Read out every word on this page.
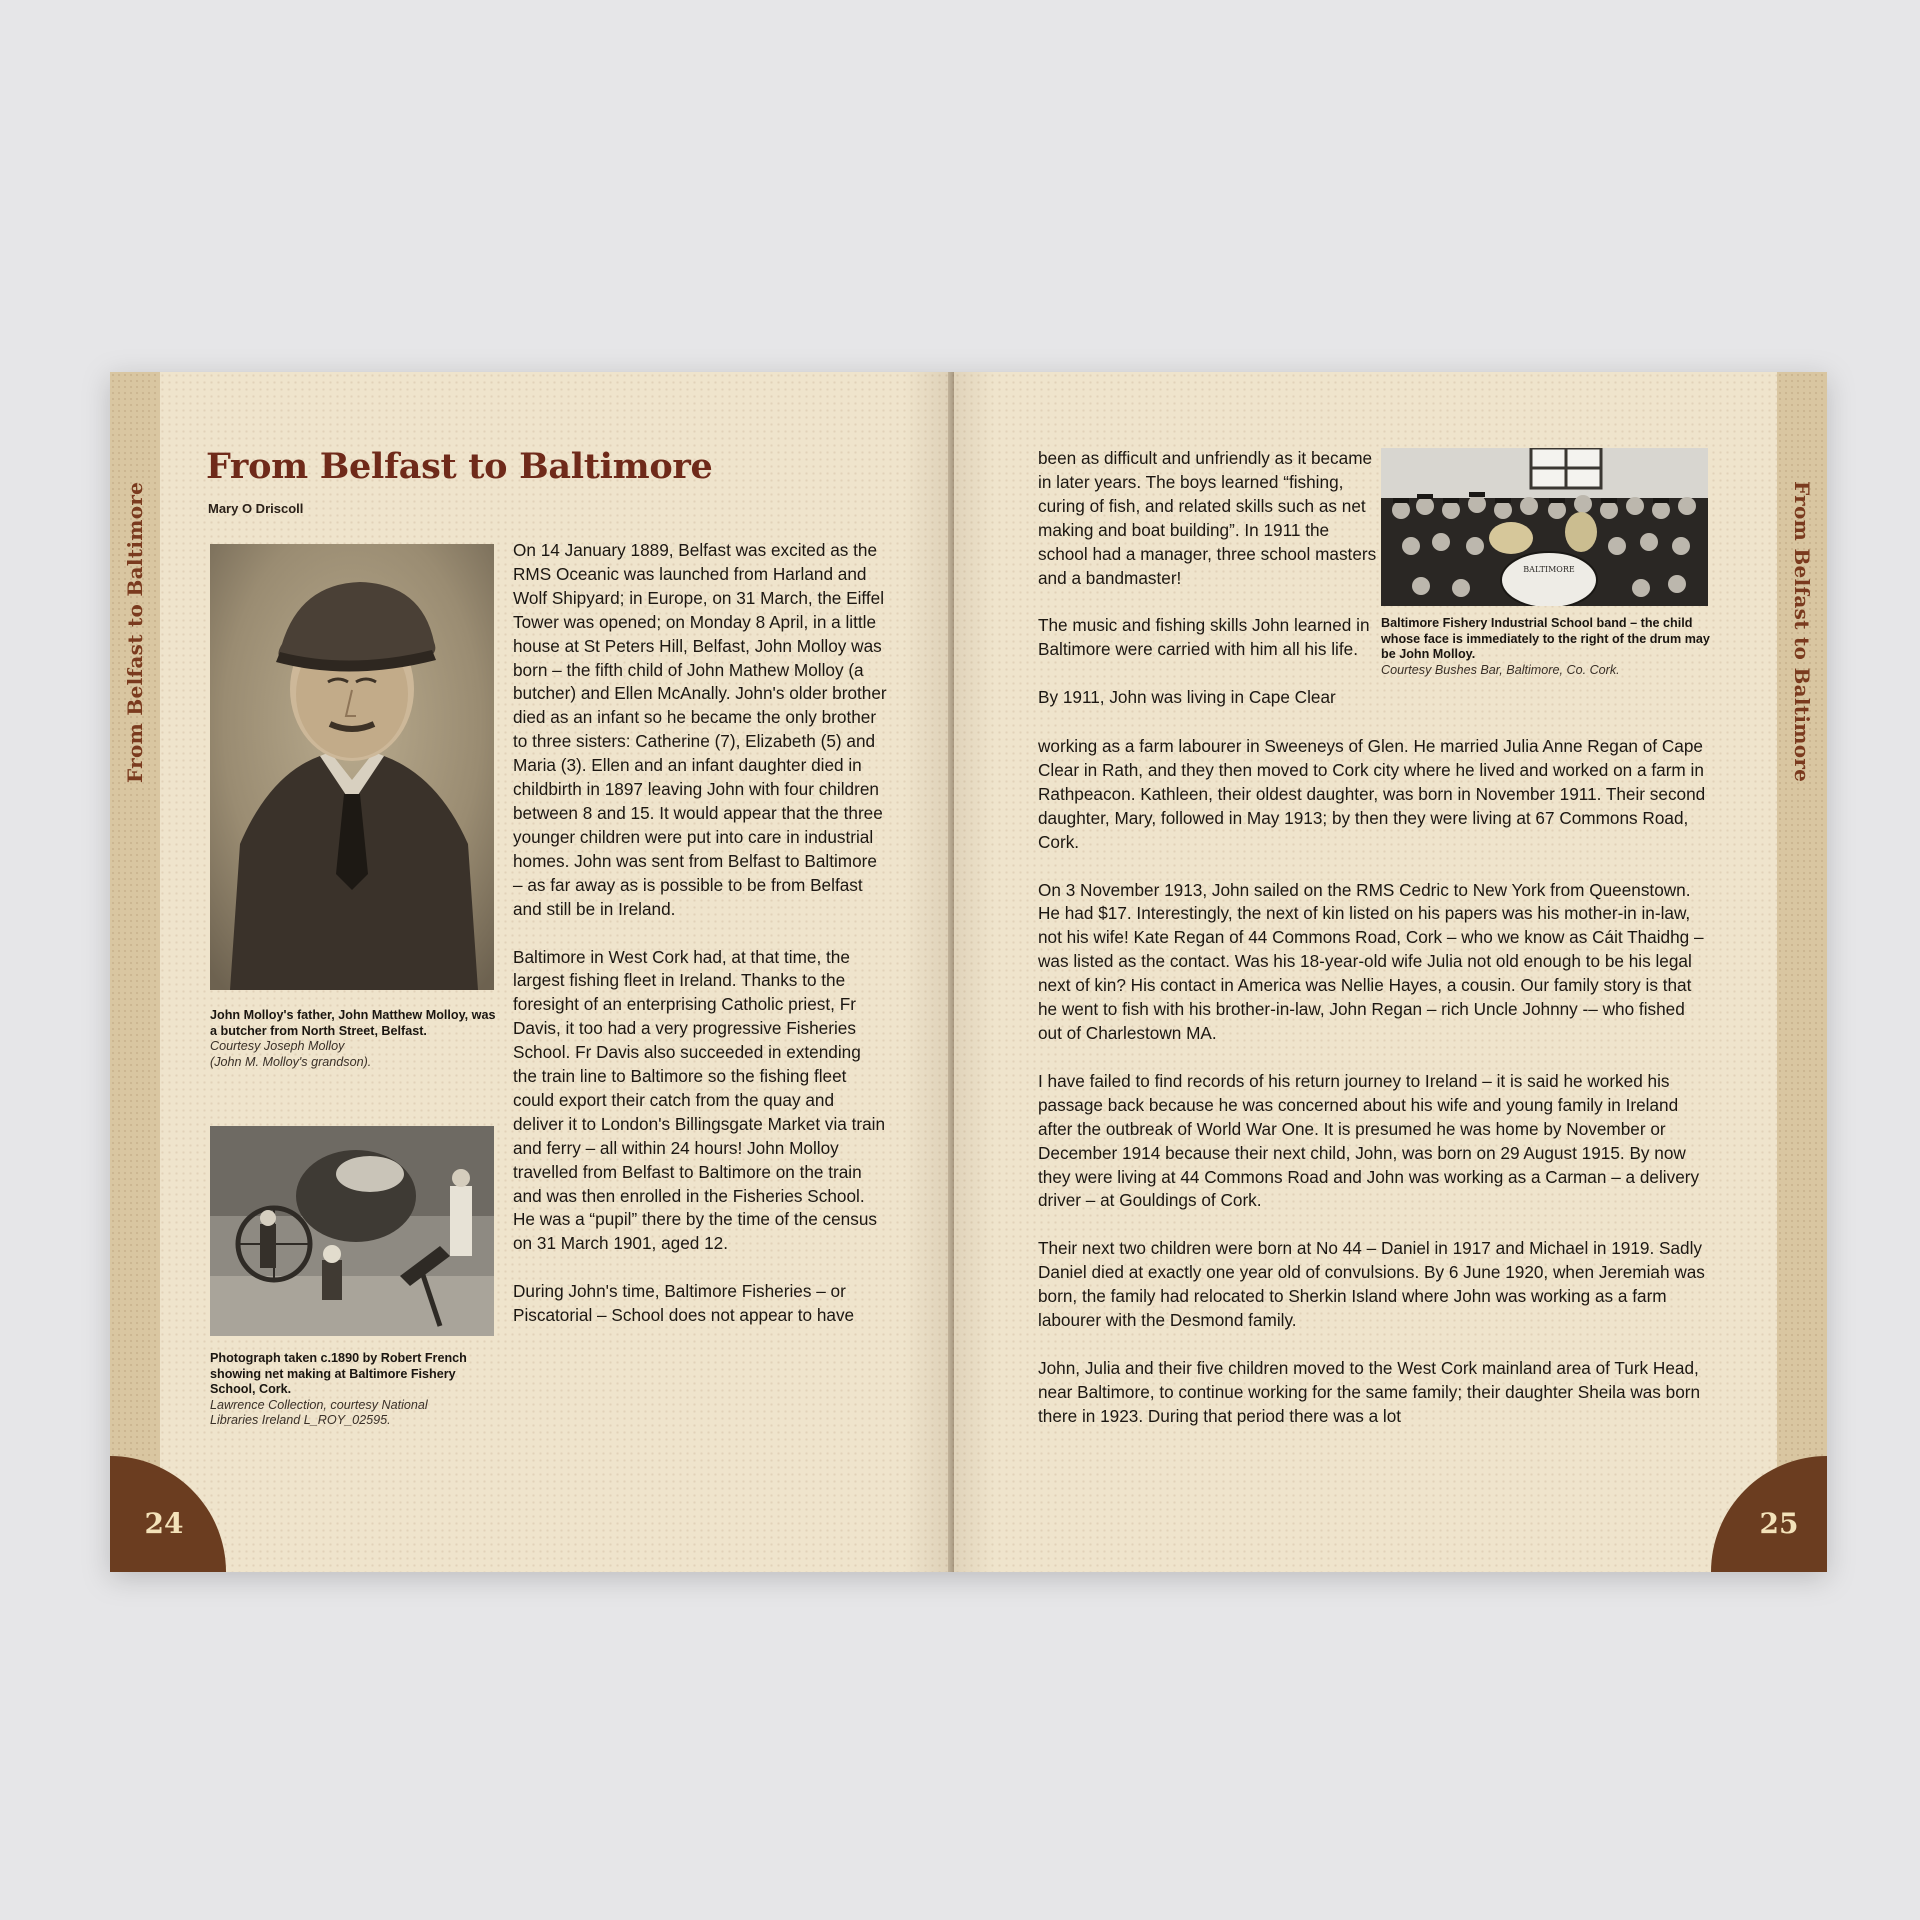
From Belfast to Baltimore
From Belfast to Baltimore
Mary O Driscoll
John Molloy's father, John Matthew Molloy, was a butcher from North Street, Belfast.
Courtesy Joseph Molloy
(John M. Molloy's grandson).
Photograph taken c.1890 by Robert French showing net making at Baltimore Fishery School, Cork.
Lawrence Collection, courtesy National
Libraries Ireland L_ROY_02595.

On 14 January 1889, Belfast was excited as the RMS Oceanic was launched from Harland and Wolf Shipyard; in Europe, on 31 March, the Eiffel Tower was opened; on Monday 8 April, in a little house at St Peters Hill, Belfast, John Molloy was born – the fifth child of John Mathew Molloy (a butcher) and Ellen McAnally. John's older brother died as an infant so he became the only brother to three sisters: Catherine (7), Elizabeth (5) and Maria (3). Ellen and an infant daughter died in childbirth in 1897 leaving John with four children between 8 and 15. It would appear that the three younger children were put into care in industrial homes. John was sent from Belfast to Baltimore – as far away as is possible to be from Belfast and still be in Ireland.

Baltimore in West Cork had, at that time, the largest fishing fleet in Ireland. Thanks to the foresight of an enterprising Catholic priest, Fr Davis, it too had a very progressive Fisheries School. Fr Davis also succeeded in extending the train line to Baltimore so the fishing fleet could export their catch from the quay and deliver it to London's Billingsgate Market via train and ferry – all within 24 hours! John Molloy travelled from Belfast to Baltimore on the train and was then enrolled in the Fisheries School. He was a “pupil” there by the time of the census on 31 March 1901, aged 12.

During John's time, Baltimore Fisheries – or Piscatorial – School does not appear to have

24
From Belfast to Baltimore

been as difficult and unfriendly as it became in later years. The boys learned “fishing, curing of fish, and related skills such as net making and boat building”. In 1911 the school had a manager, three school masters and a bandmaster!

The music and fishing skills John learned in Baltimore were carried with him all his life.

By 1911, John was living in Cape Clear

BALTIMORE
Baltimore Fishery Industrial School band – the child whose face is immediately to the right of the drum may be John Molloy.
Courtesy Bushes Bar, Baltimore, Co. Cork.

working as a farm labourer in Sweeneys of Glen. He married Julia Anne Regan of Cape Clear in Rath, and they then moved to Cork city where he lived and worked on a farm in Rathpeacon. Kathleen, their oldest daughter, was born in November 1911. Their second daughter, Mary, followed in May 1913; by then they were living at 67 Commons Road, Cork.

On 3 November 1913, John sailed on the RMS Cedric to New York from Queenstown. He had $17. Interestingly, the next of kin listed on his papers was his mother-in in-law, not his wife! Kate Regan of 44 Commons Road, Cork – who we know as Cáit Thaidhg – was listed as the contact. Was his 18-year-old wife Julia not old enough to be his legal next of kin? His contact in America was Nellie Hayes, a cousin. Our family story is that he went to fish with his brother-in-law, John Regan – rich Uncle Johnny -– who fished out of Charlestown MA.

I have failed to find records of his return journey to Ireland – it is said he worked his passage back because he was concerned about his wife and young family in Ireland after the outbreak of World War One. It is presumed he was home by November or December 1914 because their next child, John, was born on 29 August 1915. By now they were living at 44 Commons Road and John was working as a Carman – a delivery driver – at Gouldings of Cork.

Their next two children were born at No 44 – Daniel in 1917 and Michael in 1919. Sadly Daniel died at exactly one year old of convulsions. By 6 June 1920, when Jeremiah was born, the family had relocated to Sherkin Island where John was working as a farm labourer with the Desmond family.

John, Julia and their five children moved to the West Cork mainland area of Turk Head, near Baltimore, to continue working for the same family; their daughter Sheila was born there in 1923. During that period there was a lot

25
